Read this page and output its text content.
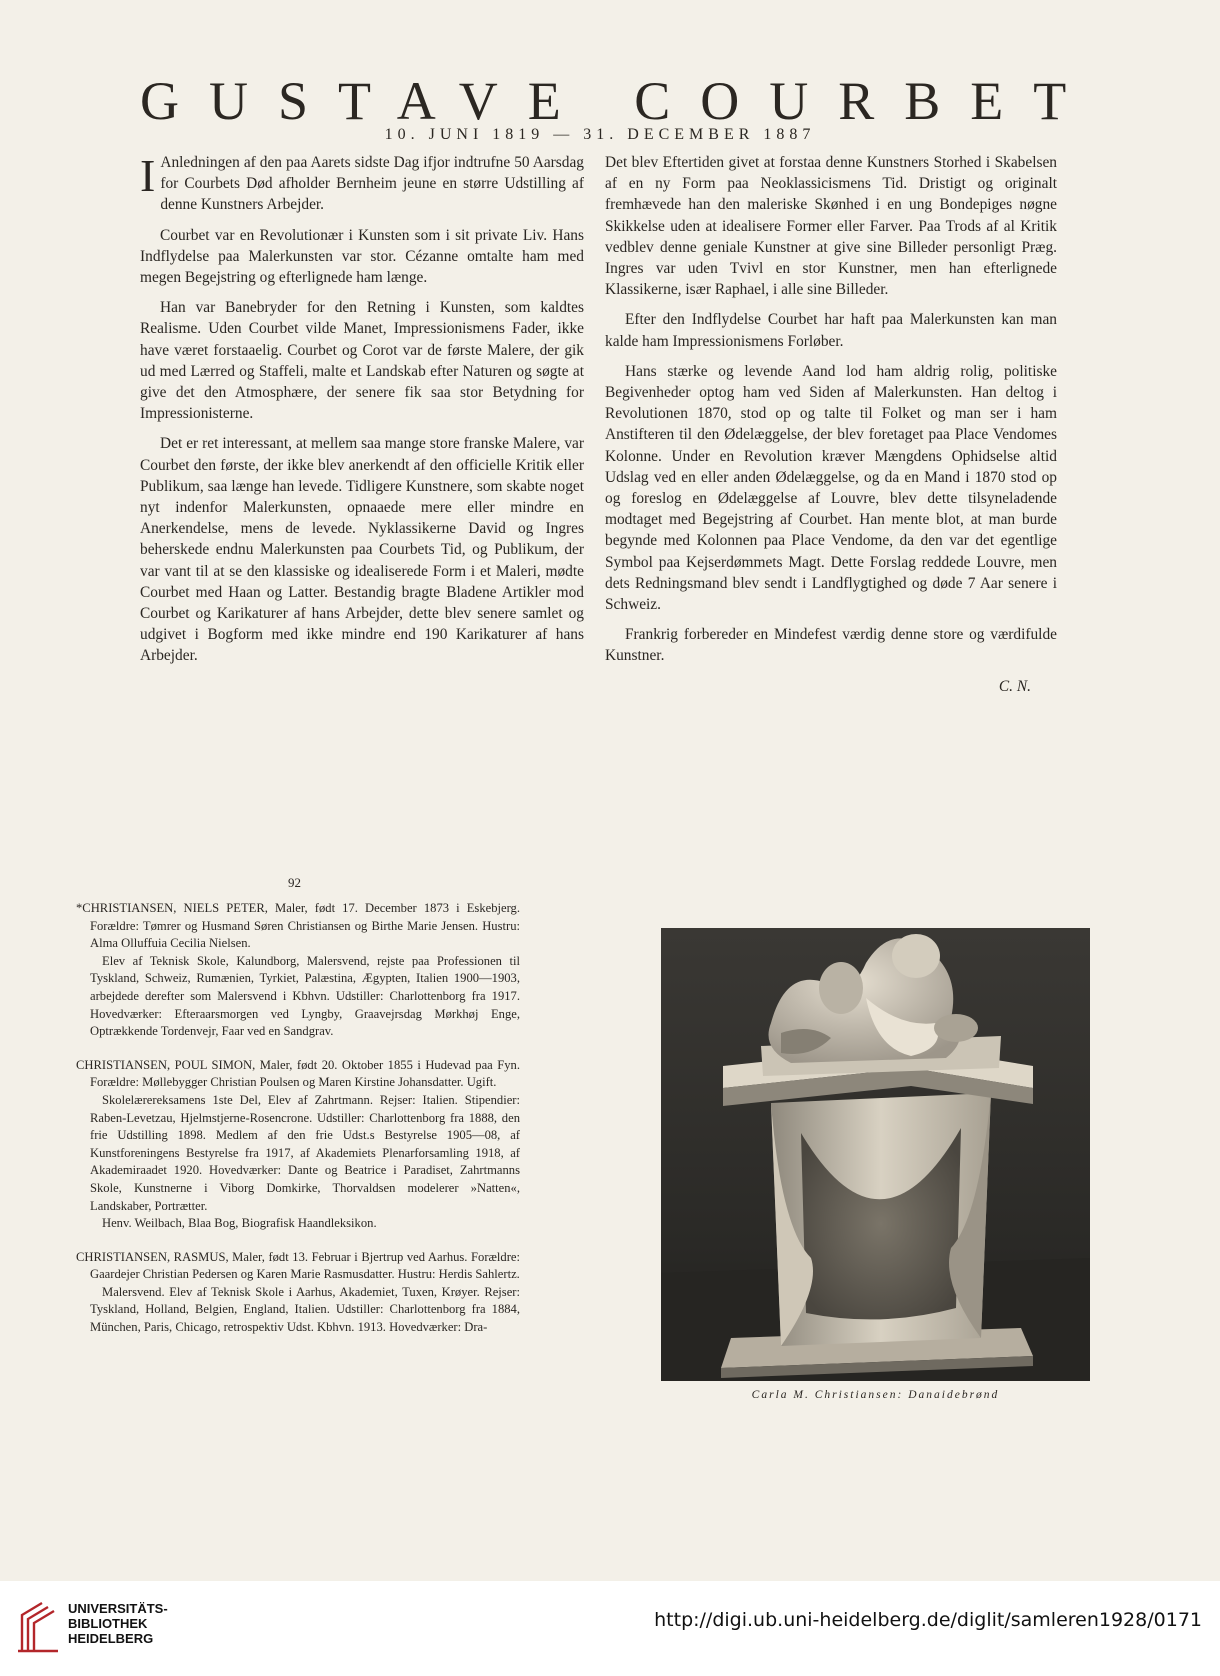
GUSTAVE COURBET
10. JUNI 1819 — 31. DECEMBER 1887

I Anledningen af den paa Aarets sidste Dag ifjor indtrufne 50 Aarsdag for Courbets Død afholder Bernheim jeune en større Udstilling af denne Kunstners Arbejder.

Courbet var en Revolutionær i Kunsten som i sit private Liv. Hans Indflydelse paa Malerkunsten var stor. Cézanne omtalte ham med megen Begejstring og efterlignede ham længe.

Han var Banebryder for den Retning i Kunsten, som kaldtes Realisme. Uden Courbet vilde Manet, Impressionismens Fader, ikke have været forstaaelig. Courbet og Corot var de første Malere, der gik ud med Lærred og Staffeli, malte et Landskab efter Naturen og søgte at give det den Atmosphære, der senere fik saa stor Betydning for Impressionisterne.

Det er ret interessant, at mellem saa mange store franske Malere, var Courbet den første, der ikke blev anerkendt af den officielle Kritik eller Publikum, saa længe han levede. Tidligere Kunstnere, som skabte noget nyt indenfor Malerkunsten, opnaaede mere eller mindre en Anerkendelse, mens de levede. Nyklassikerne David og Ingres beherskede endnu Malerkunsten paa Courbets Tid, og Publikum, der var vant til at se den klassiske og idealiserede Form i et Maleri, mødte Courbet med Haan og Latter. Bestandig bragte Bladene Artikler mod Courbet og Karikaturer af hans Arbejder, dette blev senere samlet og udgivet i Bogform med ikke mindre end 190 Karikaturer af hans Arbejder.

Det blev Eftertiden givet at forstaa denne Kunstners Storhed i Skabelsen af en ny Form paa Neoklassicismens Tid. Dristigt og originalt fremhævede han den maleriske Skønhed i en ung Bondepiges nøgne Skikkelse uden at idealisere Former eller Farver. Paa Trods af al Kritik vedblev denne geniale Kunstner at give sine Billeder personligt Præg. Ingres var uden Tvivl en stor Kunstner, men han efterlignede Klassikerne, især Raphael, i alle sine Billeder.

Efter den Indflydelse Courbet har haft paa Malerkunsten kan man kalde ham Impressionismens Forløber.

Hans stærke og levende Aand lod ham aldrig rolig, politiske Begivenheder optog ham ved Siden af Malerkunsten. Han deltog i Revolutionen 1870, stod op og talte til Folket og man ser i ham Anstifteren til den Ødelæggelse, der blev foretaget paa Place Vendomes Kolonne. Under en Revolution kræver Mængdens Ophidselse altid Udslag ved en eller anden Ødelæggelse, og da en Mand i 1870 stod op og foreslog en Ødelæggelse af Louvre, blev dette tilsyneladende modtaget med Begejstring af Courbet. Han mente blot, at man burde begynde med Kolonnen paa Place Vendome, da den var det egentlige Symbol paa Kejserdømmets Magt. Dette Forslag reddede Louvre, men dets Redningsmand blev sendt i Landflygtighed og døde 7 Aar senere i Schweiz.

Frankrig forbereder en Mindefest værdig denne store og værdifulde Kunstner.

C. N.
92

*CHRISTIANSEN, NIELS PETER, Maler, født 17. December 1873 i Eskebjerg. Forældre: Tømrer og Husmand Søren Christiansen og Birthe Marie Jensen. Hustru: Alma Olluffuia Cecilia Nielsen.

Elev af Teknisk Skole, Kalundborg, Malersvend, rejste paa Professionen til Tyskland, Schweiz, Rumænien, Tyrkiet, Palæstina, Ægypten, Italien 1900—1903, arbejdede derefter som Malersvend i Kbhvn. Udstiller: Charlottenborg fra 1917. Hovedværker: Efteraarsmorgen ved Lyngby, Graavejrsdag Mørkhøj Enge, Optrækkende Tordenvejr, Faar ved en Sandgrav.

CHRISTIANSEN, POUL SIMON, Maler, født 20. Oktober 1855 i Hudevad paa Fyn. Forældre: Møllebygger Christian Poulsen og Maren Kirstine Johansdatter. Ugift.

Skolelærereksamens 1ste Del, Elev af Zahrtmann. Rejser: Italien. Stipendier: Raben-Levetzau, Hjelmstjerne-Rosencrone. Udstiller: Charlottenborg fra 1888, den frie Udstilling 1898. Medlem af den frie Udst.s Bestyrelse 1905—08, af Kunstforeningens Bestyrelse fra 1917, af Akademiets Plenarforsamling 1918, af Akademiraadet 1920. Hovedværker: Dante og Beatrice i Paradiset, Zahrtmanns Skole, Kunstnerne i Viborg Domkirke, Thorvaldsen modelerer »Natten«, Landskaber, Portrætter.

Henv. Weilbach, Blaa Bog, Biografisk Haandleksikon.

CHRISTIANSEN, RASMUS, Maler, født 13. Februar i Bjertrup ved Aarhus. Forældre: Gaardejer Christian Pedersen og Karen Marie Rasmusdatter. Hustru: Herdis Sahlertz.

Malersvend. Elev af Teknisk Skole i Aarhus, Akademiet, Tuxen, Krøyer. Rejser: Tyskland, Holland, Belgien, England, Italien. Udstiller: Charlottenborg fra 1884, München, Paris, Chicago, retrospektiv Udst. Kbhvn. 1913. Hovedværker: Dra-

Carla M. Christiansen: Danaidebrønd
UNIVERSITÄTS-
BIBLIOTHEK
HEIDELBERG
http://digi.ub.uni-heidelberg.de/diglit/samleren1928/0171
